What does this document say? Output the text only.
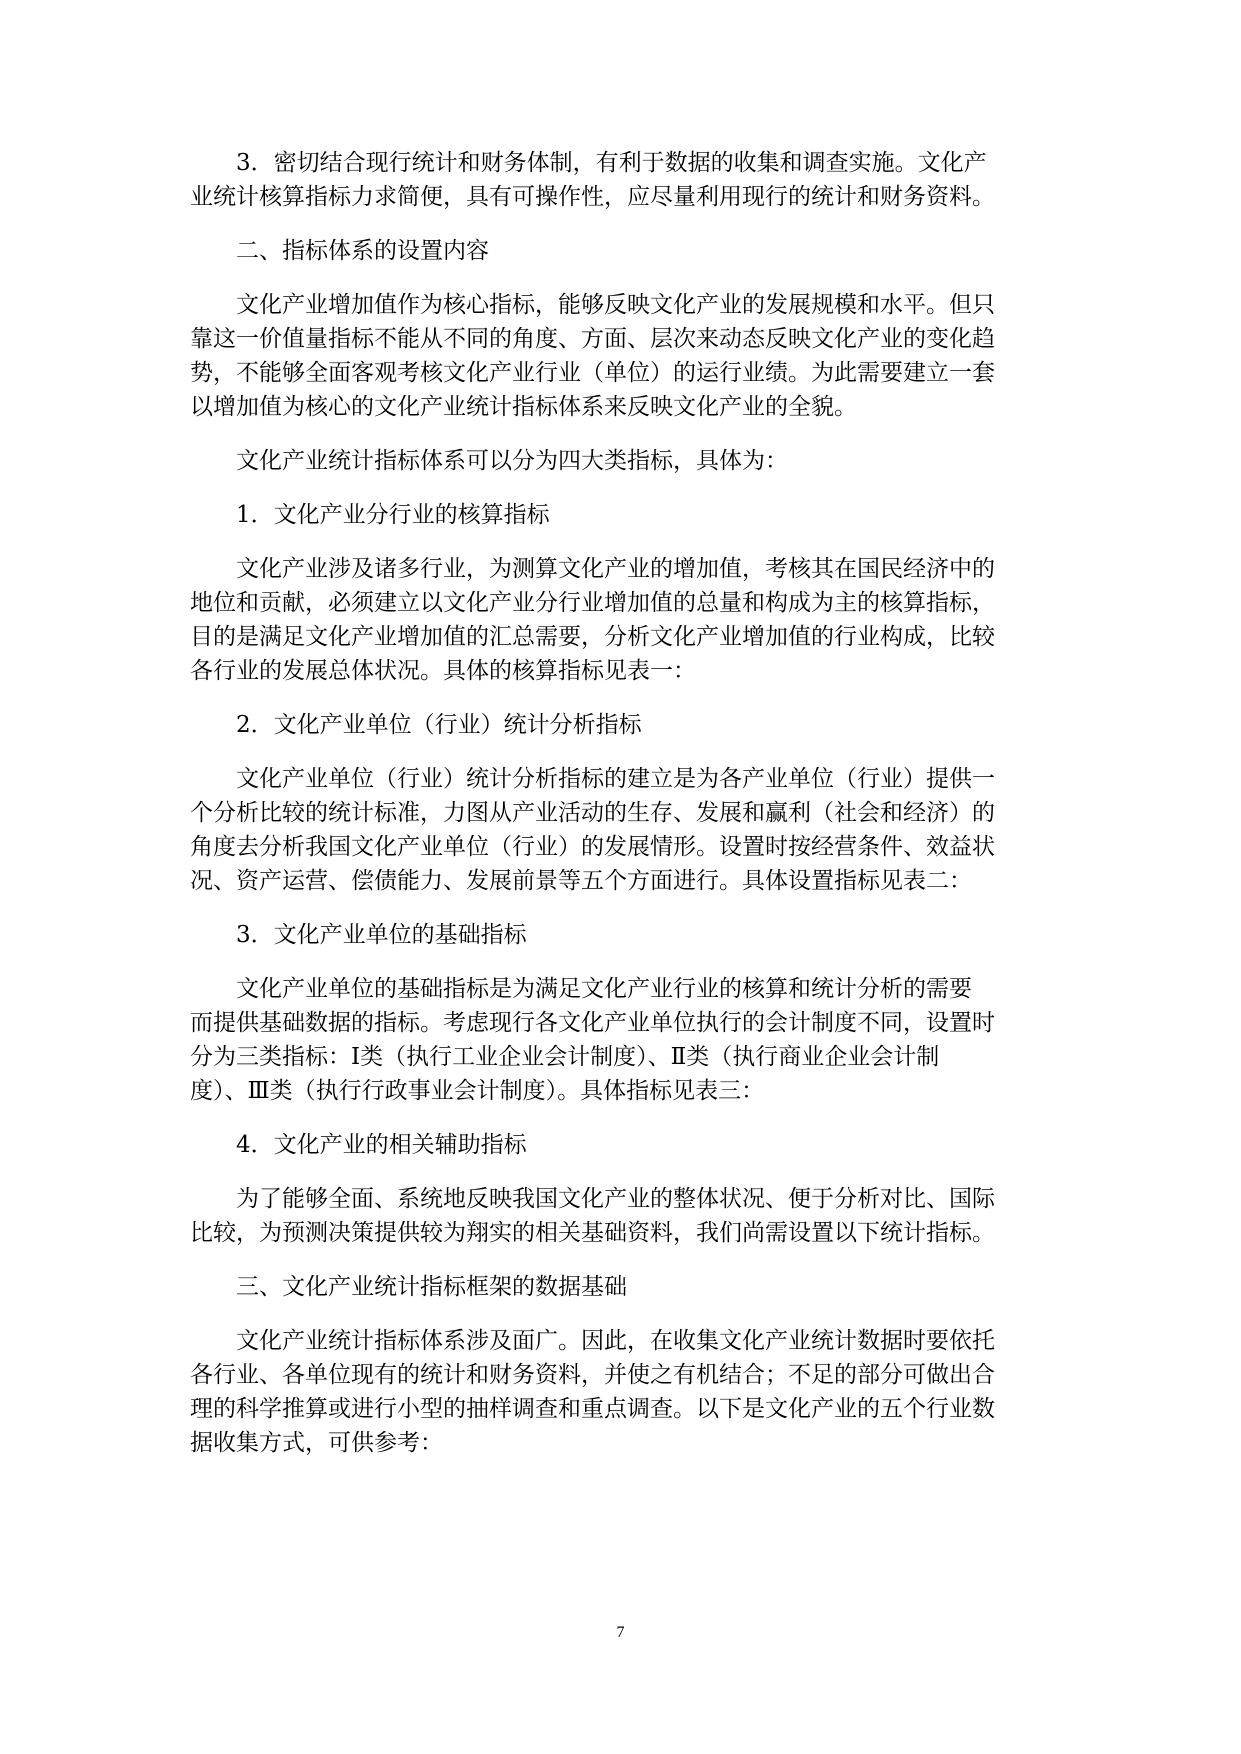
3．密切结合现行统计和财务体制，有利于数据的收集和调查实施。文化产

业统计核算指标力求简便，具有可操作性，应尽量利用现行的统计和财务资料。

二、指标体系的设置内容

文化产业增加值作为核心指标，能够反映文化产业的发展规模和水平。但只

靠这一价值量指标不能从不同的角度、方面、层次来动态反映文化产业的变化趋

势，不能够全面客观考核文化产业行业（单位）的运行业绩。为此需要建立一套

以增加值为核心的文化产业统计指标体系来反映文化产业的全貌。

文化产业统计指标体系可以分为四大类指标，具体为：

1．文化产业分行业的核算指标

文化产业涉及诸多行业，为测算文化产业的增加值，考核其在国民经济中的

地位和贡献，必须建立以文化产业分行业增加值的总量和构成为主的核算指标，

目的是满足文化产业增加值的汇总需要，分析文化产业增加值的行业构成，比较

各行业的发展总体状况。具体的核算指标见表一：

2．文化产业单位（行业）统计分析指标

文化产业单位（行业）统计分析指标的建立是为各产业单位（行业）提供一

个分析比较的统计标准，力图从产业活动的生存、发展和赢利（社会和经济）的

角度去分析我国文化产业单位（行业）的发展情形。设置时按经营条件、效益状

况、资产运营、偿债能力、发展前景等五个方面进行。具体设置指标见表二：

3．文化产业单位的基础指标

文化产业单位的基础指标是为满足文化产业行业的核算和统计分析的需要

而提供基础数据的指标。考虑现行各文化产业单位执行的会计制度不同，设置时

分为三类指标：Ⅰ类（执行工业企业会计制度）、Ⅱ类（执行商业企业会计制

度）、Ⅲ类（执行行政事业会计制度）。具体指标见表三：

4．文化产业的相关辅助指标

为了能够全面、系统地反映我国文化产业的整体状况、便于分析对比、国际

比较，为预测决策提供较为翔实的相关基础资料，我们尚需设置以下统计指标。

三、文化产业统计指标框架的数据基础

文化产业统计指标体系涉及面广。因此，在收集文化产业统计数据时要依托

各行业、各单位现有的统计和财务资料，并使之有机结合；不足的部分可做出合

理的科学推算或进行小型的抽样调查和重点调查。以下是文化产业的五个行业数

据收集方式，可供参考：

7
